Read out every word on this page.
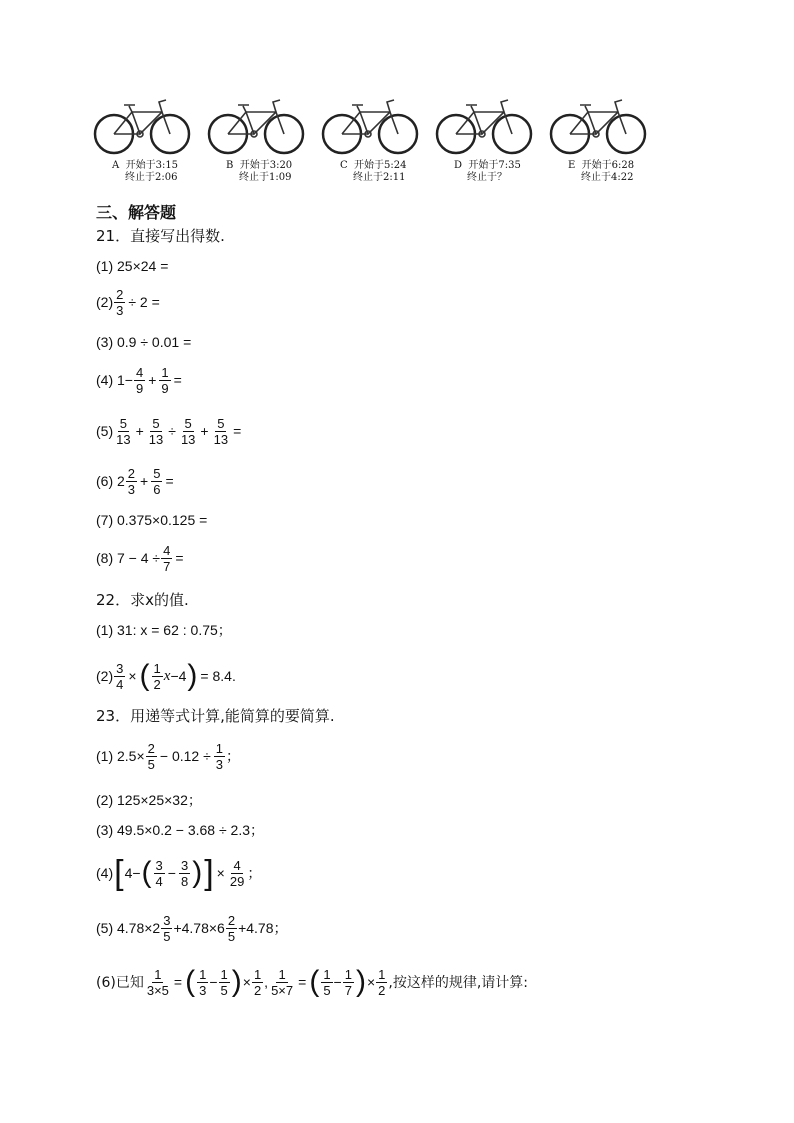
A 开始于3:15
终止于2:06
B 开始于3:20
终止于1:09
C 开始于5:24
终止于2:11
D 开始于7:35
终止于？
E 开始于6:28
终止于4:22
三、解答题
21．直接写出得数.
(1) 25×24 =
$(2) \frac{2}{3} \div 2$ =
(3) 0.9 ÷ 0.01 =
(4) $1- \frac{4}{9} + \frac{1}{9}$ =
$(5) \frac{5}{13} + \frac{5}{13} \div \frac{5}{13} + \frac{5}{13}$ =
(6) $2 \frac{2}{3} + \frac{5}{6}$ =
(7) 0.375×0.125 =
(8) $7 - 4 \div \frac{4}{7}$ =
22．求x的值.
(1) 31: x = 62 : 0.75；
$(2) \frac{3}{4}$ × ( $\frac{1}{2}$ x −4 ) = 8.4.
23．用递等式计算,能简算的要简算.
(1) $2.5\times \frac{2}{5} - 0.12 \div \frac{1}{3}$ ；
(2) 125×25×32；
(3) 49.5×0.2 − 3.68 ÷ 2.3；
(4) [ 4− ( $\frac{3}{4} - \frac{3}{8}$ ) ] × $\frac{4}{29}$ ；
(5) $4.78\times 2 \frac{3}{5} +4.78\times 6 \frac{2}{5} +4.78$；
(6)已知 $\frac{1}{3\times 5}$ = ( $\frac{1}{3} - \frac{1}{5}$ ) × $\frac{1}{2}$ , $\frac{1}{5\times 7}$ = ( $\frac{1}{5} - \frac{1}{7}$ ) × $\frac{1}{2}$ ,按这样的规律,请计算:
